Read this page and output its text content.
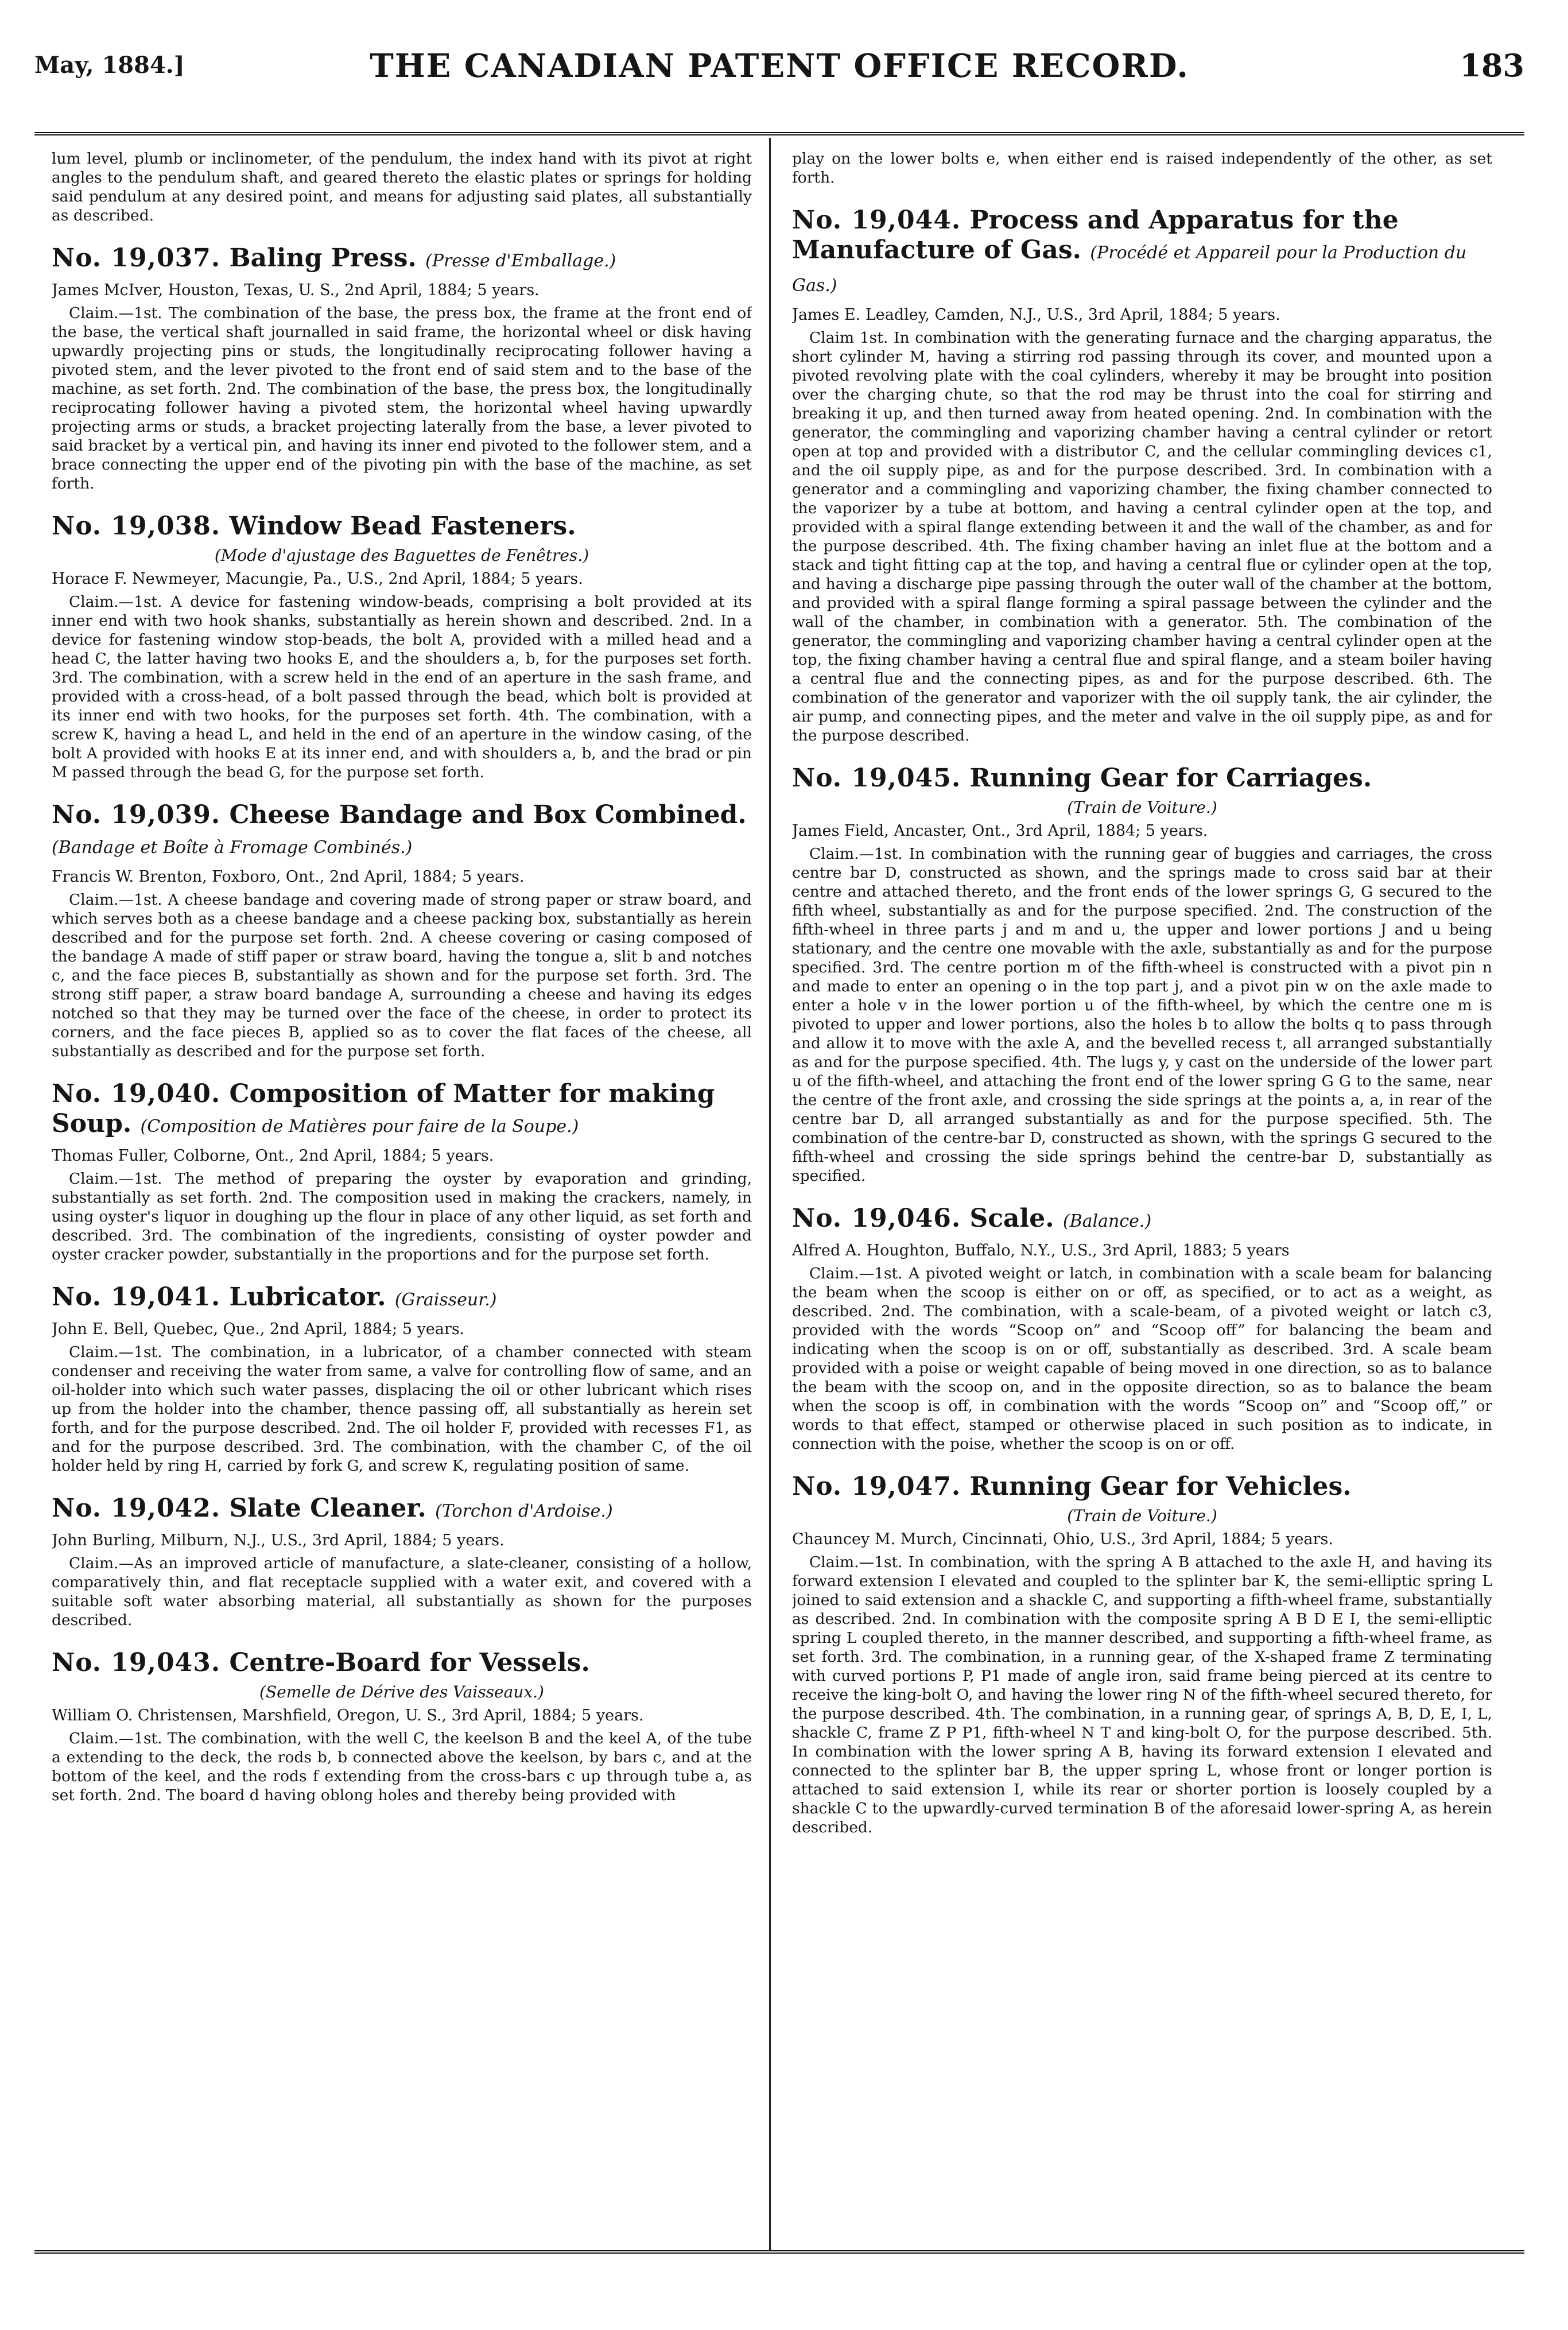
May, 1884.]	THE CANADIAN PATENT OFFICE RECORD.	183

lum level, plumb or inclinometer, of the pendulum, the index hand with its pivot at right angles to the pendulum shaft, and geared thereto the elastic plates or springs for holding said pendulum at any desired point, and means for adjusting said plates, all substantially as described.

No. 19,037. Baling Press. (Presse d'Emballage.)

James McIver, Houston, Texas, U. S., 2nd April, 1884; 5 years.

Claim.—1st. The combination of the base, the press box, the frame at the front end of the base, the vertical shaft journalled in said frame, the horizontal wheel or disk having upwardly projecting pins or studs, the longitudinally reciprocating follower having a pivoted stem, and the lever pivoted to the front end of said stem and to the base of the machine, as set forth. 2nd. The combination of the base, the press box, the longitudinally reciprocating follower having a pivoted stem, the horizontal wheel having upwardly projecting arms or studs, a bracket projecting laterally from the base, a lever pivoted to said bracket by a vertical pin, and having its inner end pivoted to the follower stem, and a brace connecting the upper end of the pivoting pin with the base of the machine, as set forth.

No. 19,038. Window Bead Fasteners.

(Mode d'ajustage des Baguettes de Fenêtres.)

Horace F. Newmeyer, Macungie, Pa., U.S., 2nd April, 1884; 5 years.

Claim.—1st. A device for fastening window-beads, comprising a bolt provided at its inner end with two hook shanks, substantially as herein shown and described. 2nd. In a device for fastening window stop-beads, the bolt A, provided with a milled head and a head C, the latter having two hooks E, and the shoulders a, b, for the purposes set forth. 3rd. The combination, with a screw held in the end of an aperture in the sash frame, and provided with a cross-head, of a bolt passed through the bead, which bolt is provided at its inner end with two hooks, for the purposes set forth. 4th. The combination, with a screw K, having a head L, and held in the end of an aperture in the window casing, of the bolt A provided with hooks E at its inner end, and with shoulders a, b, and the brad or pin M passed through the bead G, for the purpose set forth.

No. 19,039. Cheese Bandage and Box Combined. (Bandage et Boîte à Fromage Combinés.)

Francis W. Brenton, Foxboro, Ont., 2nd April, 1884; 5 years.

Claim.—1st. A cheese bandage and covering made of strong paper or straw board, and which serves both as a cheese bandage and a cheese packing box, substantially as herein described and for the purpose set forth. 2nd. A cheese covering or casing composed of the bandage A made of stiff paper or straw board, having the tongue a, slit b and notches c, and the face pieces B, substantially as shown and for the purpose set forth. 3rd. The strong stiff paper, a straw board bandage A, surrounding a cheese and having its edges notched so that they may be turned over the face of the cheese, in order to protect its corners, and the face pieces B, applied so as to cover the flat faces of the cheese, all substantially as described and for the purpose set forth.

No. 19,040. Composition of Matter for making Soup. (Composition de Matières pour faire de la Soupe.)

Thomas Fuller, Colborne, Ont., 2nd April, 1884; 5 years.

Claim.—1st. The method of preparing the oyster by evaporation and grinding, substantially as set forth. 2nd. The composition used in making the crackers, namely, in using oyster's liquor in doughing up the flour in place of any other liquid, as set forth and described. 3rd. The combination of the ingredients, consisting of oyster powder and oyster cracker powder, substantially in the proportions and for the purpose set forth.

No. 19,041. Lubricator. (Graisseur.)

John E. Bell, Quebec, Que., 2nd April, 1884; 5 years.

Claim.—1st. The combination, in a lubricator, of a chamber connected with steam condenser and receiving the water from same, a valve for controlling flow of same, and an oil-holder into which such water passes, displacing the oil or other lubricant which rises up from the holder into the chamber, thence passing off, all substantially as herein set forth, and for the purpose described. 2nd. The oil holder F, provided with recesses F1, as and for the purpose described. 3rd. The combination, with the chamber C, of the oil holder held by ring H, carried by fork G, and screw K, regulating position of same.

No. 19,042. Slate Cleaner. (Torchon d'Ardoise.)

John Burling, Milburn, N.J., U.S., 3rd April, 1884; 5 years.

Claim.—As an improved article of manufacture, a slate-cleaner, consisting of a hollow, comparatively thin, and flat receptacle supplied with a water exit, and covered with a suitable soft water absorbing material, all substantially as shown for the purposes described.

No. 19,043. Centre-Board for Vessels.

(Semelle de Dérive des Vaisseaux.)

William O. Christensen, Marshfield, Oregon, U. S., 3rd April, 1884; 5 years.

Claim.—1st. The combination, with the well C, the keelson B and the keel A, of the tube a extending to the deck, the rods b, b connected above the keelson, by bars c, and at the bottom of the keel, and the rods f extending from the cross-bars c up through tube a, as set forth. 2nd. The board d having oblong holes and thereby being provided with

play on the lower bolts e, when either end is raised independently of the other, as set forth.

No. 19,044. Process and Apparatus for the Manufacture of Gas. (Procédé et Appareil pour la Production du Gas.)

James E. Leadley, Camden, N.J., U.S., 3rd April, 1884; 5 years.

Claim 1st. In combination with the generating furnace and the charging apparatus, the short cylinder M, having a stirring rod passing through its cover, and mounted upon a pivoted revolving plate with the coal cylinders, whereby it may be brought into position over the charging chute, so that the rod may be thrust into the coal for stirring and breaking it up, and then turned away from heated opening. 2nd. In combination with the generator, the commingling and vaporizing chamber having a central cylinder or retort open at top and provided with a distributor C, and the cellular commingling devices c1, and the oil supply pipe, as and for the purpose described. 3rd. In combination with a generator and a commingling and vaporizing chamber, the fixing chamber connected to the vaporizer by a tube at bottom, and having a central cylinder open at the top, and provided with a spiral flange extending between it and the wall of the chamber, as and for the purpose described. 4th. The fixing chamber having an inlet flue at the bottom and a stack and tight fitting cap at the top, and having a central flue or cylinder open at the top, and having a discharge pipe passing through the outer wall of the chamber at the bottom, and provided with a spiral flange forming a spiral passage between the cylinder and the wall of the chamber, in combination with a generator. 5th. The combination of the generator, the commingling and vaporizing chamber having a central cylinder open at the top, the fixing chamber having a central flue and spiral flange, and a steam boiler having a central flue and the connecting pipes, as and for the purpose described. 6th. The combination of the generator and vaporizer with the oil supply tank, the air cylinder, the air pump, and connecting pipes, and the meter and valve in the oil supply pipe, as and for the purpose described.

No. 19,045. Running Gear for Carriages.

(Train de Voiture.)

James Field, Ancaster, Ont., 3rd April, 1884; 5 years.

Claim.—1st. In combination with the running gear of buggies and carriages, the cross centre bar D, constructed as shown, and the springs made to cross said bar at their centre and attached thereto, and the front ends of the lower springs G, G secured to the fifth wheel, substantially as and for the purpose specified. 2nd. The construction of the fifth-wheel in three parts j and m and u, the upper and lower portions J and u being stationary, and the centre one movable with the axle, substantially as and for the purpose specified. 3rd. The centre portion m of the fifth-wheel is constructed with a pivot pin n and made to enter an opening o in the top part j, and a pivot pin w on the axle made to enter a hole v in the lower portion u of the fifth-wheel, by which the centre one m is pivoted to upper and lower portions, also the holes b to allow the bolts q to pass through and allow it to move with the axle A, and the bevelled recess t, all arranged substantially as and for the purpose specified. 4th. The lugs y, y cast on the underside of the lower part u of the fifth-wheel, and attaching the front end of the lower spring G G to the same, near the centre of the front axle, and crossing the side springs at the points a, a, in rear of the centre bar D, all arranged substantially as and for the purpose specified. 5th. The combination of the centre-bar D, constructed as shown, with the springs G secured to the fifth-wheel and crossing the side springs behind the centre-bar D, substantially as specified.

No. 19,046. Scale. (Balance.)

Alfred A. Houghton, Buffalo, N.Y., U.S., 3rd April, 1883; 5 years

Claim.—1st. A pivoted weight or latch, in combination with a scale beam for balancing the beam when the scoop is either on or off, as specified, or to act as a weight, as described. 2nd. The combination, with a scale-beam, of a pivoted weight or latch c3, provided with the words “Scoop on” and “Scoop off” for balancing the beam and indicating when the scoop is on or off, substantially as described. 3rd. A scale beam provided with a poise or weight capable of being moved in one direction, so as to balance the beam with the scoop on, and in the opposite direction, so as to balance the beam when the scoop is off, in combination with the words “Scoop on” and “Scoop off,” or words to that effect, stamped or otherwise placed in such position as to indicate, in connection with the poise, whether the scoop is on or off.

No. 19,047. Running Gear for Vehicles.

(Train de Voiture.)

Chauncey M. Murch, Cincinnati, Ohio, U.S., 3rd April, 1884; 5 years.

Claim.—1st. In combination, with the spring A B attached to the axle H, and having its forward extension I elevated and coupled to the splinter bar K, the semi-elliptic spring L joined to said extension and a shackle C, and supporting a fifth-wheel frame, substantially as described. 2nd. In combination with the composite spring A B D E I, the semi-elliptic spring L coupled thereto, in the manner described, and supporting a fifth-wheel frame, as set forth. 3rd. The combination, in a running gear, of the X-shaped frame Z terminating with curved portions P, P1 made of angle iron, said frame being pierced at its centre to receive the king-bolt O, and having the lower ring N of the fifth-wheel secured thereto, for the purpose described. 4th. The combination, in a running gear, of springs A, B, D, E, I, L, shackle C, frame Z P P1, fifth-wheel N T and king-bolt O, for the purpose described. 5th. In combination with the lower spring A B, having its forward extension I elevated and connected to the splinter bar B, the upper spring L, whose front or longer portion is attached to said extension I, while its rear or shorter portion is loosely coupled by a shackle C to the upwardly-curved termination B of the aforesaid lower-spring A, as herein described.
